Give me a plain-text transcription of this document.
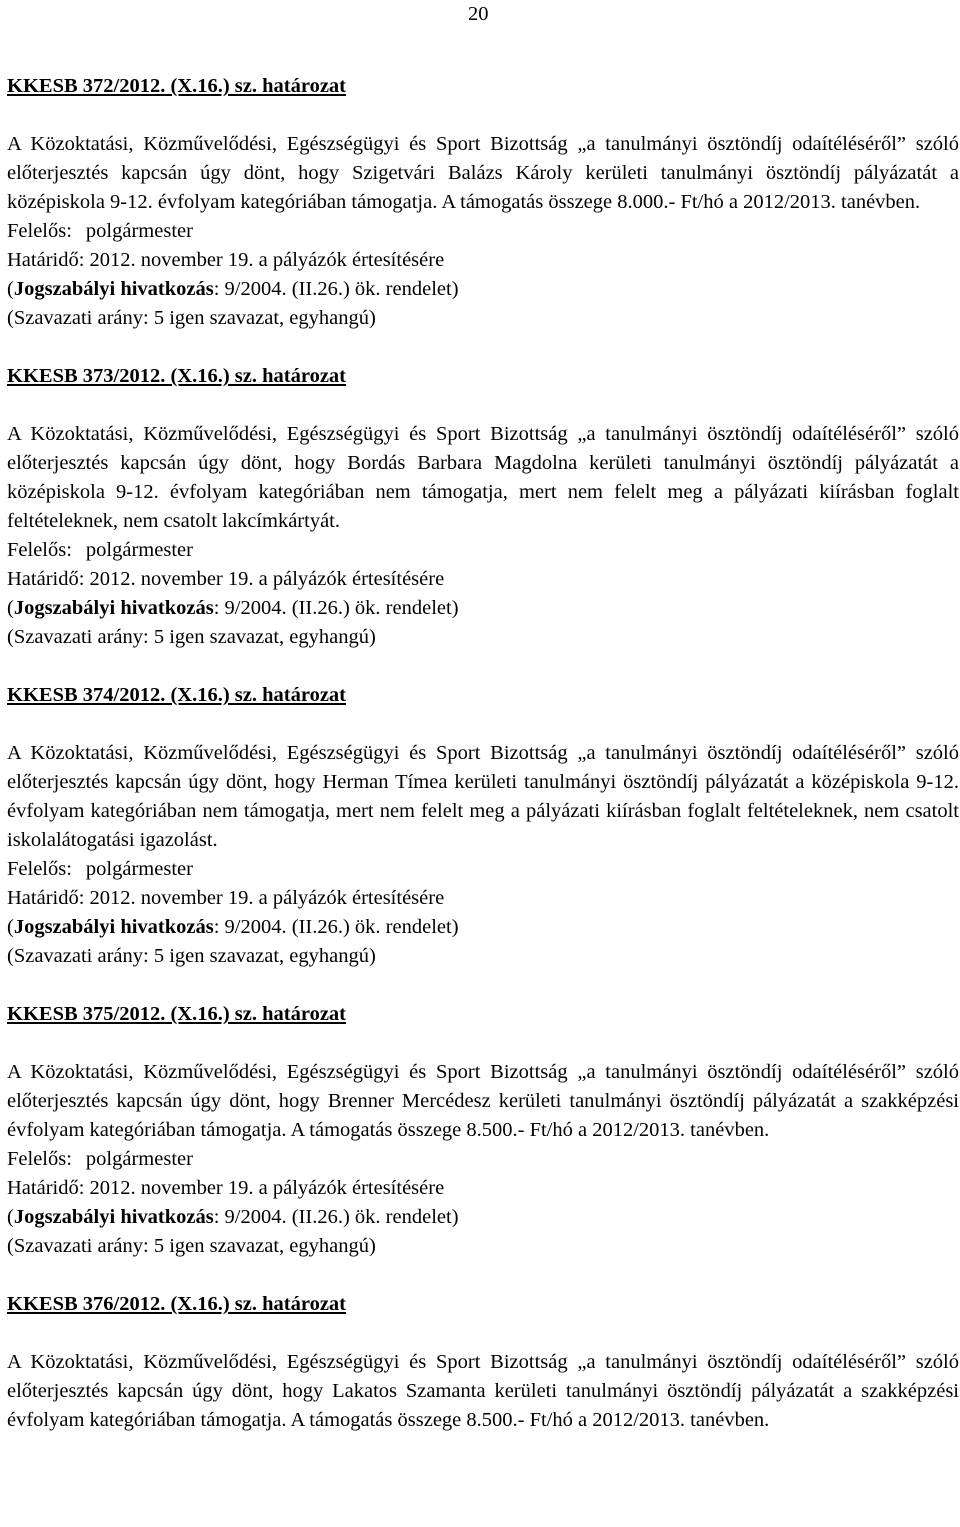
20
KKESB 372/2012. (X.16.) sz. határozat

A Közoktatási, Közművelődési, Egészségügyi és Sport Bizottság „a tanulmányi ösztöndíj odaítéléséről” szóló előterjesztés kapcsán úgy dönt, hogy Szigetvári Balázs Károly kerületi tanulmányi ösztöndíj pályázatát a középiskola 9-12. évfolyam kategóriában támogatja. A támogatás összege 8.000.- Ft/hó a 2012/2013. tanévben.

Felelős: polgármester
Határidő: 2012. november 19. a pályázók értesítésére
(Jogszabályi hivatkozás: 9/2004. (II.26.) ök. rendelet)
(Szavazati arány: 5 igen szavazat, egyhangú)
KKESB 373/2012. (X.16.) sz. határozat

A Közoktatási, Közművelődési, Egészségügyi és Sport Bizottság „a tanulmányi ösztöndíj odaítéléséről” szóló előterjesztés kapcsán úgy dönt, hogy Bordás Barbara Magdolna kerületi tanulmányi ösztöndíj pályázatát a középiskola 9-12. évfolyam kategóriában nem támogatja, mert nem felelt meg a pályázati kiírásban foglalt feltételeknek, nem csatolt lakcímkártyát.

Felelős: polgármester
Határidő: 2012. november 19. a pályázók értesítésére
(Jogszabályi hivatkozás: 9/2004. (II.26.) ök. rendelet)
(Szavazati arány: 5 igen szavazat, egyhangú)
KKESB 374/2012. (X.16.) sz. határozat

A Közoktatási, Közművelődési, Egészségügyi és Sport Bizottság „a tanulmányi ösztöndíj odaítéléséről” szóló előterjesztés kapcsán úgy dönt, hogy Herman Tímea kerületi tanulmányi ösztöndíj pályázatát a középiskola 9-12. évfolyam kategóriában nem támogatja, mert nem felelt meg a pályázati kiírásban foglalt feltételeknek, nem csatolt iskolalátogatási igazolást.

Felelős: polgármester
Határidő: 2012. november 19. a pályázók értesítésére
(Jogszabályi hivatkozás: 9/2004. (II.26.) ök. rendelet)
(Szavazati arány: 5 igen szavazat, egyhangú)
KKESB 375/2012. (X.16.) sz. határozat

A Közoktatási, Közművelődési, Egészségügyi és Sport Bizottság „a tanulmányi ösztöndíj odaítéléséről” szóló előterjesztés kapcsán úgy dönt, hogy Brenner Mercédesz kerületi tanulmányi ösztöndíj pályázatát a szakképzési évfolyam kategóriában támogatja. A támogatás összege 8.500.- Ft/hó a 2012/2013. tanévben.

Felelős: polgármester
Határidő: 2012. november 19. a pályázók értesítésére
(Jogszabályi hivatkozás: 9/2004. (II.26.) ök. rendelet)
(Szavazati arány: 5 igen szavazat, egyhangú)
KKESB 376/2012. (X.16.) sz. határozat

A Közoktatási, Közművelődési, Egészségügyi és Sport Bizottság „a tanulmányi ösztöndíj odaítéléséről” szóló előterjesztés kapcsán úgy dönt, hogy Lakatos Szamanta kerületi tanulmányi ösztöndíj pályázatát a szakképzési évfolyam kategóriában támogatja. A támogatás összege 8.500.- Ft/hó a 2012/2013. tanévben.
